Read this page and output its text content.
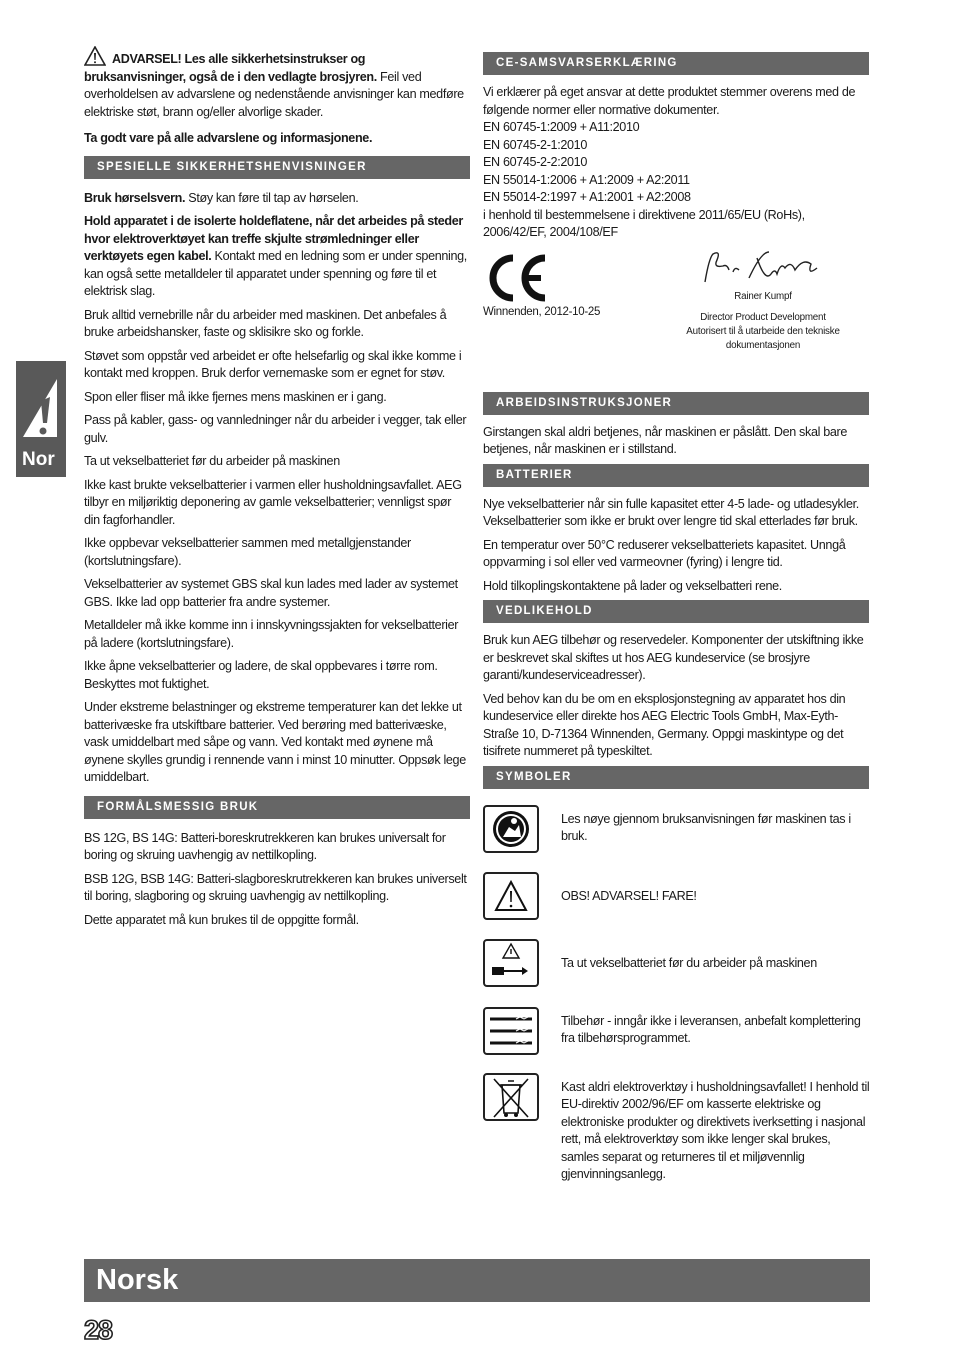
Nor

ADVARSEL! Les alle sikkerhetsinstrukser og bruksanvisninger, også de i den vedlagte brosjyren. Feil ved overholdelsen av advarslene og nedenstående anvisninger kan medføre elektriske støt, brann og/eller alvorlige skader.

Ta godt vare på alle advarslene og informasjonene.

SPESIELLE SIKKERHETSHENVISNINGER

Bruk hørselsvern. Støy kan føre til tap av hørselen.

Hold apparatet i de isolerte holdeflatene, når det arbeides på steder hvor elektroverktøyet kan treffe skjulte strømledninger eller verktøyets egen kabel. Kontakt med en ledning som er under spenning, kan også sette metalldeler til apparatet under spenning og føre til et elektrisk slag.

Bruk alltid vernebrille når du arbeider med maskinen. Det anbefales å bruke arbeidshansker, faste og sklisikre sko og forkle.

Støvet som oppstår ved arbeidet er ofte helsefarlig og skal ikke komme i kontakt med kroppen. Bruk derfor vernemaske som er egnet for støv.

Spon eller fliser må ikke fjernes mens maskinen er i gang.

Pass på kabler, gass- og vannledninger når du arbeider i vegger, tak eller gulv.

Ta ut vekselbatteriet før du arbeider på maskinen

Ikke kast brukte vekselbatterier i varmen eller husholdningsavfallet. AEG tilbyr en miljøriktig deponering av gamle vekselbatterier; vennligst spør din fagforhandler.

Ikke oppbevar vekselbatterier sammen med metallgjenstander (kortslutningsfare).

Vekselbatterier av systemet GBS skal kun lades med lader av systemet GBS. Ikke lad opp batterier fra andre systemer.

Metalldeler må ikke komme inn i innskyvningssjakten for vekselbatterier på ladere (kortslutningsfare).

Ikke åpne vekselbatterier og ladere, de skal oppbevares i tørre rom. Beskyttes mot fuktighet.

Under ekstreme belastninger og ekstreme temperaturer kan det lekke ut batterivæske fra utskiftbare batterier. Ved berøring med batterivæske, vask umiddelbart med såpe og vann. Ved kontakt med øynene må øynene skylles grundig i rennende vann i minst 10 minutter. Oppsøk lege umiddelbart.

FORMÅLSMESSIG BRUK

BS 12G, BS 14G: Batteri-boreskrutrekkeren kan brukes universalt for boring og skruing uavhengig av nettilkopling.

BSB 12G, BSB 14G: Batteri-slagboreskrutrekkeren kan brukes universelt til boring, slagboring og skruing uavhengig av nettilkopling.

Dette apparatet må kun brukes til de oppgitte formål.

CE-SAMSVARSERKLÆRING

Vi erklærer på eget ansvar at dette produktet stemmer overens med de følgende normer eller normative dokumenter.

EN 60745-1:2009 + A11:2010

EN 60745-2-1:2010

EN 60745-2-2:2010

EN 55014-1:2006 + A1:2009 + A2:2011

EN 55014-2:1997 + A1:2001 + A2:2008

i henhold til bestemmelsene i direktivene 2011/65/EU (RoHs), 2006/42/EF, 2004/108/EF

Winnenden, 2012-10-25
Rainer Kumpf
Director Product Development
Autorisert til å utarbeide den tekniske dokumentasjonen
ARBEIDSINSTRUKSJONER

Girstangen skal aldri betjenes, når maskinen er påslått. Den skal bare betjenes, når maskinen er i stillstand.

BATTERIER

Nye vekselbatterier når sin fulle kapasitet etter 4-5 lade- og utladesykler. Vekselbatterier som ikke er brukt over lengre tid skal etterlades før bruk.

En temperatur over 50°C reduserer vekselbatteriets kapasitet. Unngå oppvarming i sol eller ved varmeovner (fyring) i lengre tid.

Hold tilkoplingskontaktene på lader og vekselbatteri rene.

VEDLIKEHOLD

Bruk kun AEG tilbehør og reservedeler. Komponenter der utskiftning ikke er beskrevet skal skiftes ut hos AEG kundeservice (se brosjyre garanti/kundeserviceadresser).

Ved behov kan du be om en eksplosjonstegning av apparatet hos din kundeservice eller direkte hos AEG Electric Tools GmbH, Max-Eyth-Straße 10, D-71364 Winnenden, Germany. Oppgi maskintype og det tisifrete nummeret på typeskiltet.

SYMBOLER

Les nøye gjennom bruksanvisningen før maskinen tas i bruk.

OBS! ADVARSEL! FARE!

Ta ut vekselbatteriet før du arbeider på maskinen

Tilbehør - inngår ikke i leveransen, anbefalt komplettering fra tilbehørsprogrammet.

Kast aldri elektroverktøy i husholdningsavfallet! I henhold til EU-direktiv 2002/96/EF om kasserte elektriske og elektroniske produkter og direktivets iverksetting i nasjonal rett, må elektroverktøy som ikke lenger skal brukes, samles separat og returneres til et miljøvennlig gjenvinningsanlegg.

Norsk
28
